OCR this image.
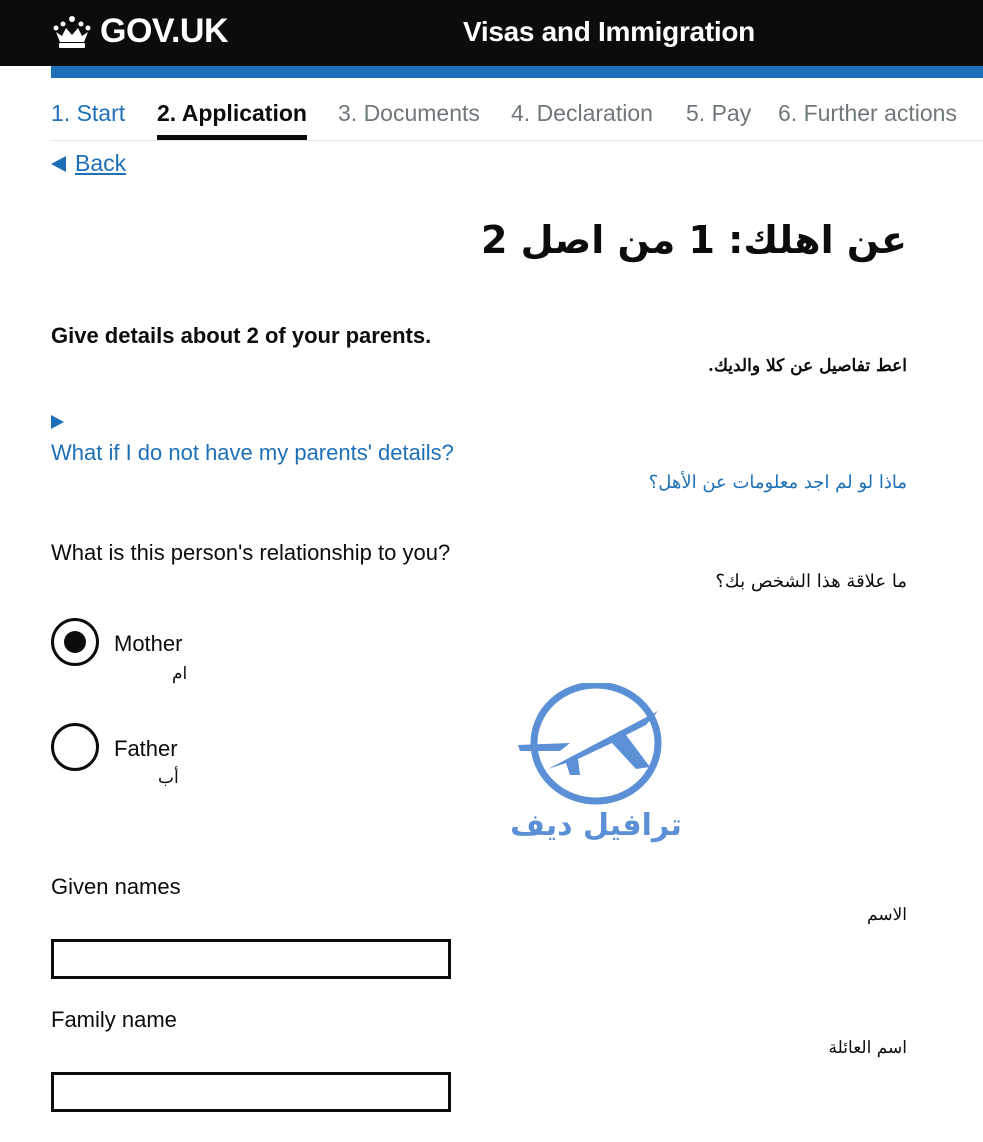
GOV.UK	Visas and Immigration
1. Start 2. Application 3. Documents 4. Declaration 5. Pay 6. Further actions
Back
عن اهلك: 1 من اصل 2

Give details about 2 of your parents.

اعط تفاصيل عن كلا والديك.

What if I do not have my parents' details?
ماذا لو لم اجد معلومات عن الأهل؟

What is this person's relationship to you?

ما علاقة هذا الشخص بك؟

Mother
ام
Father
أب
ترافيل ديف
Given names
الاسم
Family name
اسم العائلة
